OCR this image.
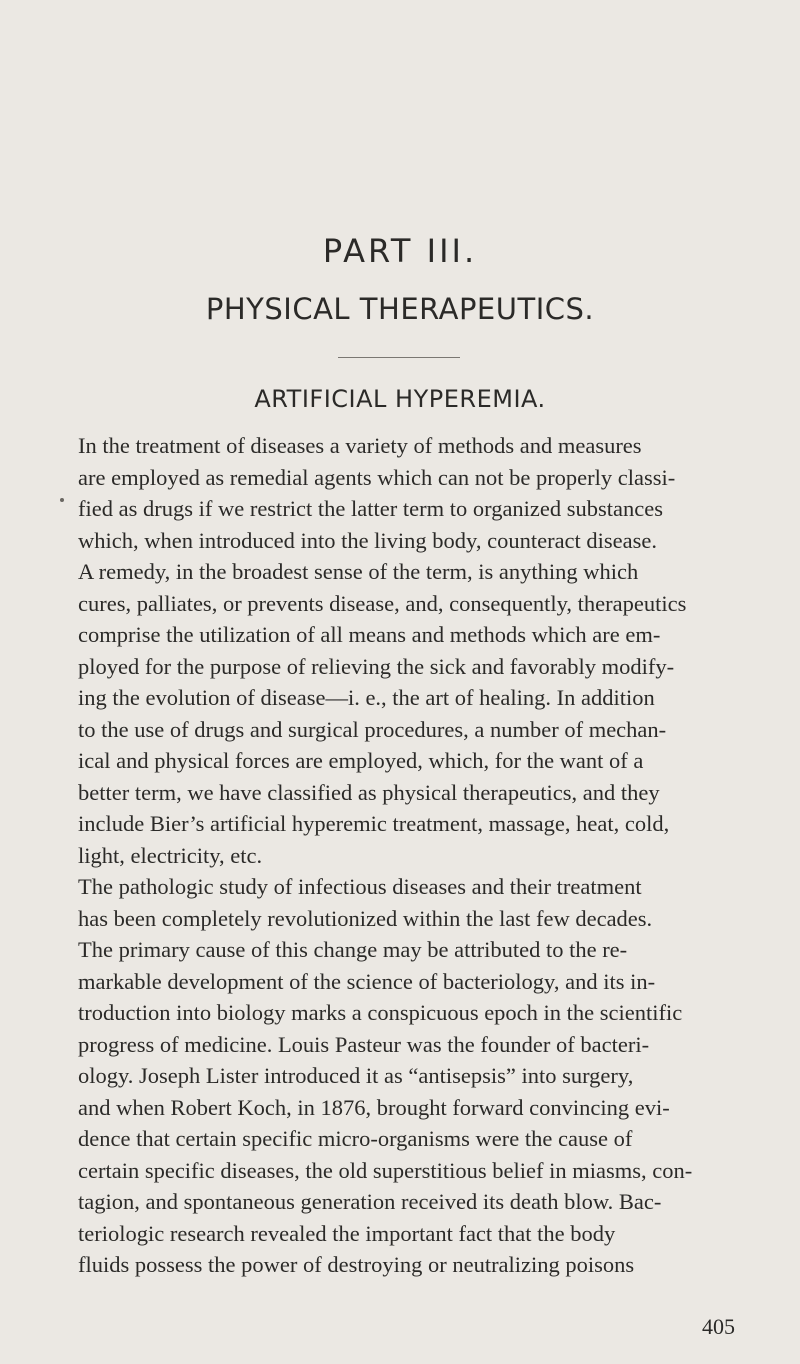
PART III.
PHYSICAL THERAPEUTICS.
ARTIFICIAL HYPEREMIA.
In the treatment of diseases a variety of methods and measures
are employed as remedial agents which can not be properly classi-
fied as drugs if we restrict the latter term to organized substances
which, when introduced into the living body, counteract disease.
A remedy, in the broadest sense of the term, is anything which
cures, palliates, or prevents disease, and, consequently, therapeutics
comprise the utilization of all means and methods which are em-
ployed for the purpose of relieving the sick and favorably modify-
ing the evolution of disease—i. e., the art of healing. In addition
to the use of drugs and surgical procedures, a number of mechan-
ical and physical forces are employed, which, for the want of a
better term, we have classified as physical therapeutics, and they
include Bier’s artificial hyperemic treatment, massage, heat, cold,
light, electricity, etc.
The pathologic study of infectious diseases and their treatment
has been completely revolutionized within the last few decades.
The primary cause of this change may be attributed to the re-
markable development of the science of bacteriology, and its in-
troduction into biology marks a conspicuous epoch in the scientific
progress of medicine. Louis Pasteur was the founder of bacteri-
ology. Joseph Lister introduced it as “antisepsis” into surgery,
and when Robert Koch, in 1876, brought forward convincing evi-
dence that certain specific micro-organisms were the cause of
certain specific diseases, the old superstitious belief in miasms, con-
tagion, and spontaneous generation received its death blow. Bac-
teriologic research revealed the important fact that the body
fluids possess the power of destroying or neutralizing poisons
405
